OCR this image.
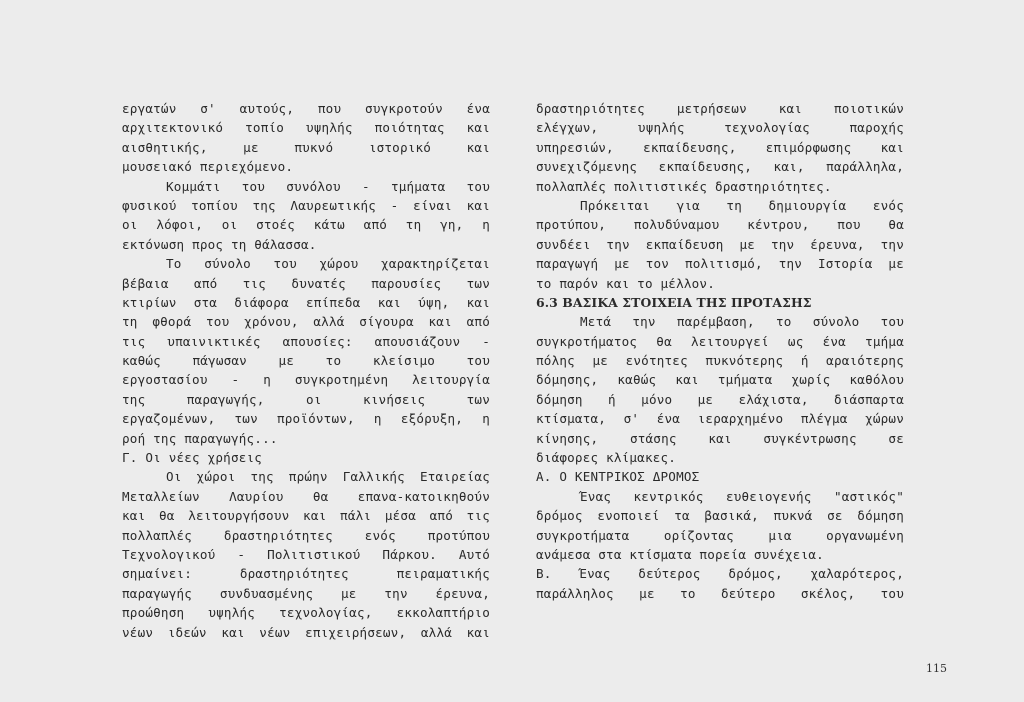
εργατών σ' αυτούς, που συγκροτούν ένα
αρχιτεκτονικό τοπίο υψηλής ποιότητας και
αισθητικής, με πυκνό ιστορικό και
μουσειακό περιεχόμενο.
Κομμάτι του συνόλου - τμήματα του
φυσικού τοπίου της Λαυρεωτικής - είναι και
οι λόφοι, οι στοές κάτω από τη γη, η
εκτόνωση προς τη θάλασσα.
Το σύνολο του χώρου χαρακτηρίζεται
βέβαια από τις δυνατές παρουσίες των
κτιρίων στα διάφορα επίπεδα και ύψη, και
τη φθορά του χρόνου, αλλά σίγουρα και από
τις υπαινικτικές απουσίες: απουσιάζουν -
καθώς πάγωσαν με το κλείσιμο του
εργοστασίου - η συγκροτημένη λειτουργία
της παραγωγής, οι κινήσεις των
εργαζομένων, των προϊόντων, η εξόρυξη, η
ροή της παραγωγής...
Γ. Οι νέες χρήσεις
Οι χώροι της πρώην Γαλλικής Εταιρείας
Μεταλλείων Λαυρίου θα επανα-κατοικηθούν
και θα λειτουργήσουν και πάλι μέσα από τις
πολλαπλές δραστηριότητες ενός προτύπου
Τεχνολογικού - Πολιτιστικού Πάρκου. Αυτό
σημαίνει: δραστηριότητες πειραματικής
παραγωγής συνδυασμένης με την έρευνα,
προώθηση υψηλής τεχνολογίας, εκκολαπτήριο
νέων ιδεών και νέων επιχειρήσεων, αλλά και
δραστηριότητες μετρήσεων και ποιοτικών
ελέγχων, υψηλής τεχνολογίας παροχής
υπηρεσιών, εκπαίδευσης, επιμόρφωσης και
συνεχιζόμενης εκπαίδευσης, και, παράλληλα,
πολλαπλές πολιτιστικές δραστηριότητες.
Πρόκειται για τη δημιουργία ενός
προτύπου, πολυδύναμου κέντρου, που θα
συνδέει την εκπαίδευση με την έρευνα, την
παραγωγή με τον πολιτισμό, την Ιστορία με
το παρόν και το μέλλον.
6.3 ΒΑΣΙΚΑ ΣΤΟΙΧΕΙΑ ΤΗΣ ΠΡΟΤΑΣΗΣ
Μετά την παρέμβαση, το σύνολο του
συγκροτήματος θα λειτουργεί ως ένα τμήμα
πόλης με ενότητες πυκνότερης ή αραιότερης
δόμησης, καθώς και τμήματα χωρίς καθόλου
δόμηση ή μόνο με ελάχιστα, διάσπαρτα
κτίσματα, σ' ένα ιεραρχημένο πλέγμα χώρων
κίνησης, στάσης και συγκέντρωσης σε
διάφορες κλίμακες.
Α. Ο ΚΕΝΤΡΙΚΟΣ ΔΡΟΜΟΣ
Ένας κεντρικός ευθειογενής "αστικός"
δρόμος ενοποιεί τα βασικά, πυκνά σε δόμηση
συγκροτήματα ορίζοντας μια οργανωμένη
ανάμεσα στα κτίσματα πορεία συνέχεια.
Β. Ένας δεύτερος δρόμος, χαλαρότερος,
παράλληλος με το δεύτερο σκέλος, του
115
